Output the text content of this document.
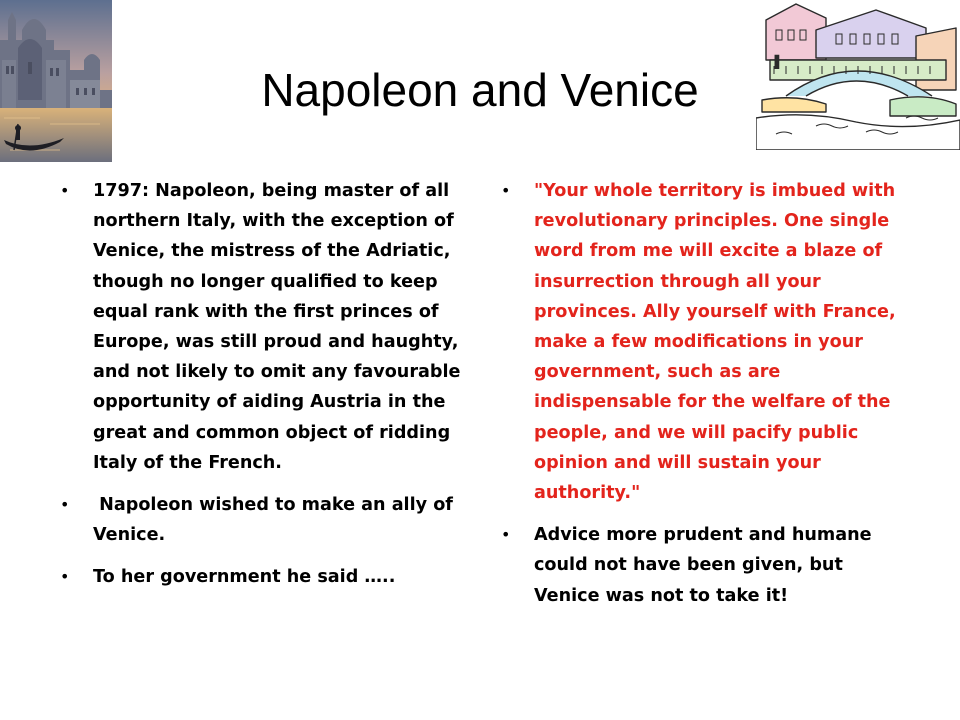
▐
Napoleon and Venice
• 1797: Napoleon, being master of all northern Italy, with the exception of Venice, the mistress of the Adriatic, though no longer qualified to keep equal rank with the first princes of Europe, was still proud and haughty, and not likely to omit any favourable opportunity of aiding Austria in the great and common object of ridding Italy of the French.
• Napoleon wished to make an ally of Venice.
• To her government he said …..
• "Your whole territory is imbued with revolutionary principles. One single word from me will excite a blaze of insurrection through all your provinces. Ally yourself with France, make a few modifications in your government, such as are indispensable for the welfare of the people, and we will pacify public opinion and will sustain your authority."
• Advice more prudent and humane could not have been given, but Venice was not to take it!
